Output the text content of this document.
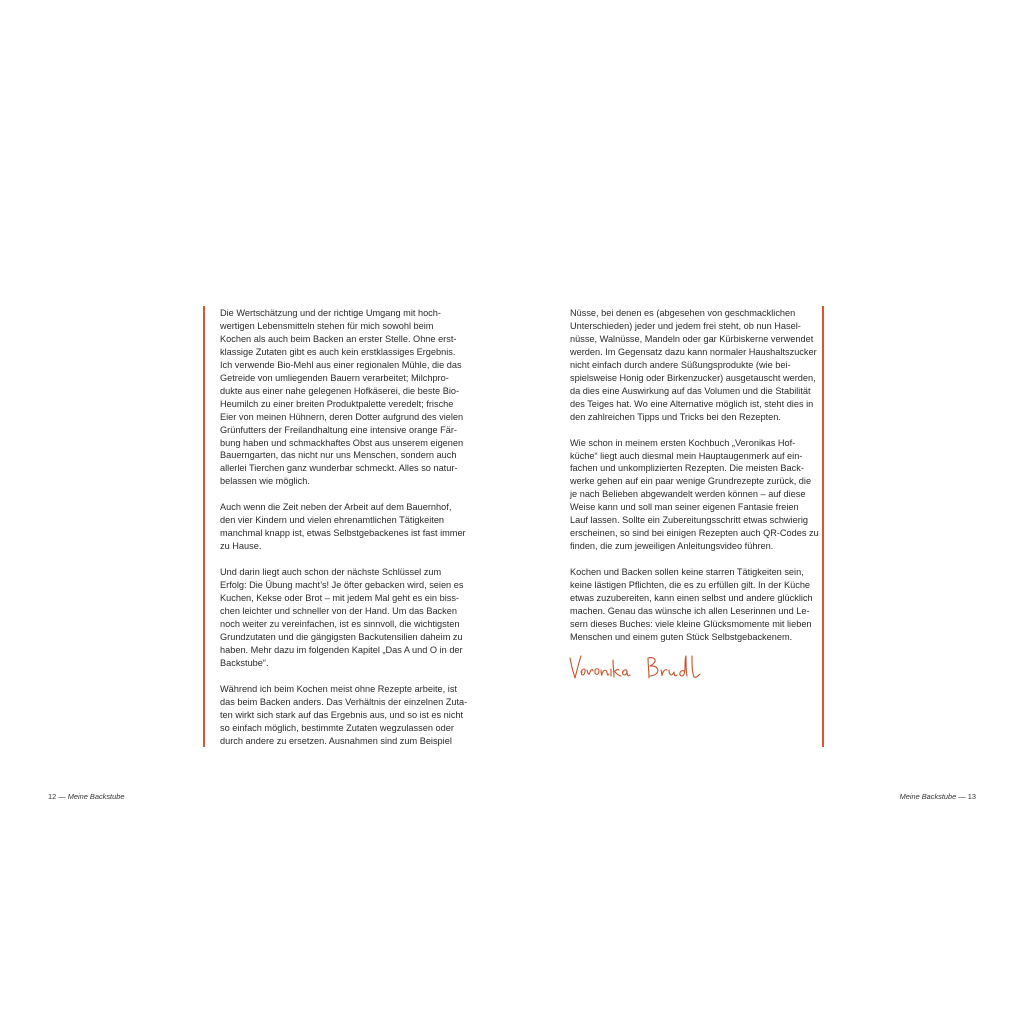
Die Wertschätzung und der richtige Umgang mit hoch-
wertigen Lebensmitteln stehen für mich sowohl beim
Kochen als auch beim Backen an erster Stelle. Ohne erst-
klassige Zutaten gibt es auch kein erstklassiges Ergebnis.
Ich verwende Bio-Mehl aus einer regionalen Mühle, die das
Getreide von umliegenden Bauern verarbeitet; Milchpro-
dukte aus einer nahe gelegenen Hofkäserei, die beste Bio-
Heumilch zu einer breiten Produktpalette veredelt; frische
Eier von meinen Hühnern, deren Dotter aufgrund des vielen
Grünfutters der Freilandhaltung eine intensive orange Fär-
bung haben und schmackhaftes Obst aus unserem eigenen
Bauerngarten, das nicht nur uns Menschen, sondern auch
allerlei Tierchen ganz wunderbar schmeckt. Alles so natur-
belassen wie möglich.

Auch wenn die Zeit neben der Arbeit auf dem Bauernhof,
den vier Kindern und vielen ehrenamtlichen Tätigkeiten
manchmal knapp ist, etwas Selbstgebackenes ist fast immer
zu Hause.

Und darin liegt auch schon der nächste Schlüssel zum
Erfolg: Die Übung macht’s! Je öfter gebacken wird, seien es
Kuchen, Kekse oder Brot – mit jedem Mal geht es ein biss-
chen leichter und schneller von der Hand. Um das Backen
noch weiter zu vereinfachen, ist es sinnvoll, die wichtigsten
Grundzutaten und die gängigsten Backutensilien daheim zu
haben. Mehr dazu im folgenden Kapitel „Das A und O in der
Backstube“.

Während ich beim Kochen meist ohne Rezepte arbeite, ist
das beim Backen anders. Das Verhältnis der einzelnen Zuta-
ten wirkt sich stark auf das Ergebnis aus, und so ist es nicht
so einfach möglich, bestimmte Zutaten wegzulassen oder
durch andere zu ersetzen. Ausnahmen sind zum Beispiel

Nüsse, bei denen es (abgesehen von geschmacklichen
Unterschieden) jeder und jedem frei steht, ob nun Hasel-
nüsse, Walnüsse, Mandeln oder gar Kürbiskerne verwendet
werden. Im Gegensatz dazu kann normaler Haushaltszucker
nicht einfach durch andere Süßungsprodukte (wie bei-
spielsweise Honig oder Birkenzucker) ausgetauscht werden,
da dies eine Auswirkung auf das Volumen und die Stabilität
des Teiges hat. Wo eine Alternative möglich ist, steht dies in
den zahlreichen Tipps und Tricks bei den Rezepten.

Wie schon in meinem ersten Kochbuch „Veronikas Hof-
küche“ liegt auch diesmal mein Hauptaugenmerk auf ein-
fachen und unkomplizierten Rezepten. Die meisten Back-
werke gehen auf ein paar wenige Grundrezepte zurück, die
je nach Belieben abgewandelt werden können – auf diese
Weise kann und soll man seiner eigenen Fantasie freien
Lauf lassen. Sollte ein Zubereitungsschritt etwas schwierig
erscheinen, so sind bei einigen Rezepten auch QR-Codes zu
finden, die zum jeweiligen Anleitungsvideo führen.

Kochen und Backen sollen keine starren Tätigkeiten sein,
keine lästigen Pflichten, die es zu erfüllen gilt. In der Küche
etwas zuzubereiten, kann einen selbst und andere glücklich
machen. Genau das wünsche ich allen Leserinnen und Le-
sern dieses Buches: viele kleine Glücksmomente mit lieben
Menschen und einem guten Stück Selbstgebackenem.

12 — Meine Backstube	Meine Backstube — 13
